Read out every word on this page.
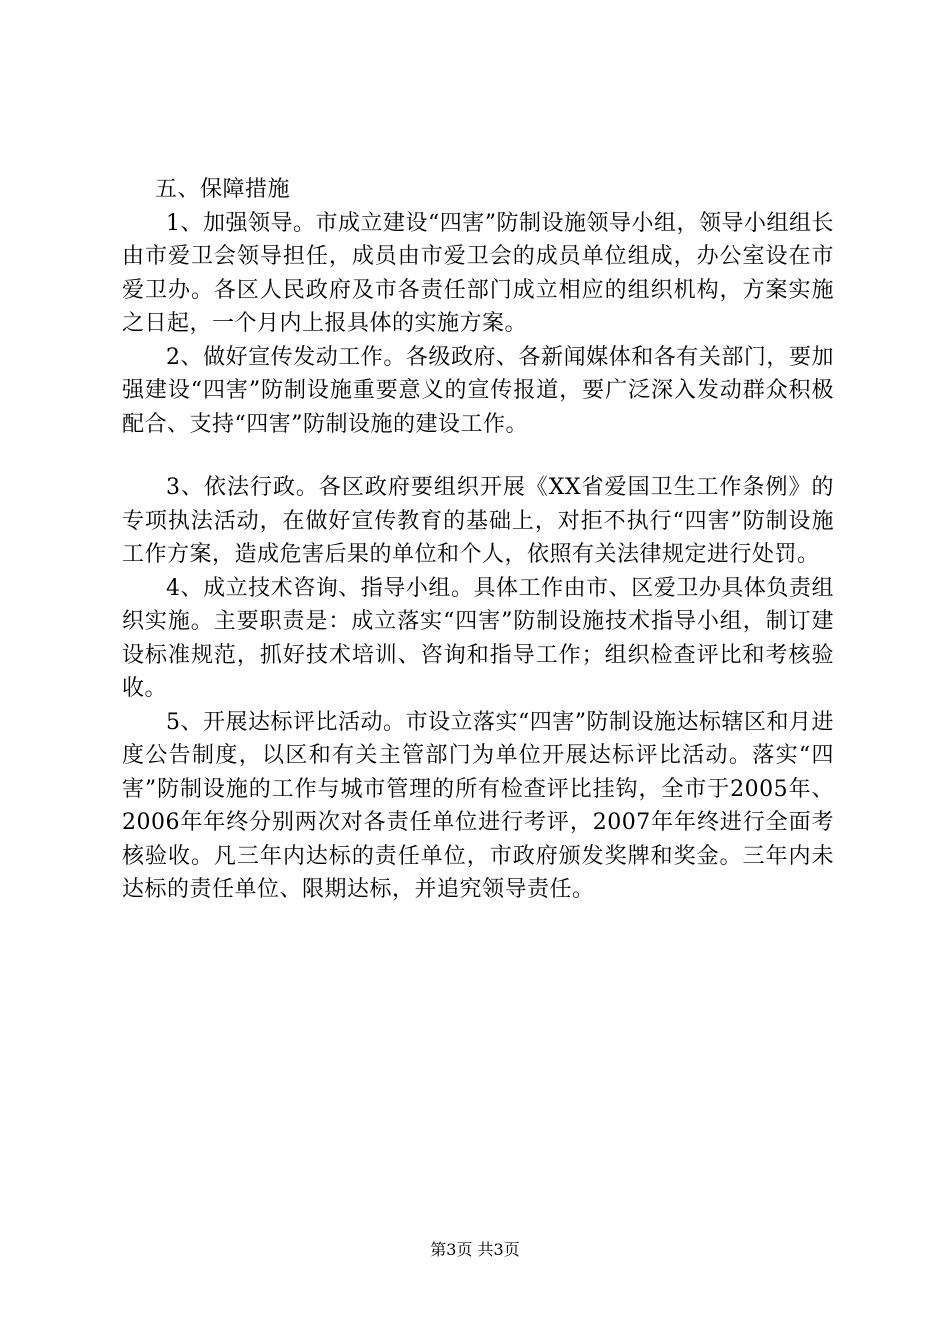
五、保障措施

1、加强领导。市成立建设“四害”防制设施领导小组，领导小组组长由市爱卫会领导担任，成员由市爱卫会的成员单位组成，办公室设在市爱卫办。各区人民政府及市各责任部门成立相应的组织机构，方案实施之日起，一个月内上报具体的实施方案。

2、做好宣传发动工作。各级政府、各新闻媒体和各有关部门，要加强建设“四害”防制设施重要意义的宣传报道，要广泛深入发动群众积极配合、支持“四害”防制设施的建设工作。

3、依法行政。各区政府要组织开展《XX省爱国卫生工作条例》的专项执法活动，在做好宣传教育的基础上，对拒不执行“四害”防制设施工作方案，造成危害后果的单位和个人，依照有关法律规定进行处罚。

4、成立技术咨询、指导小组。具体工作由市、区爱卫办具体负责组织实施。主要职责是：成立落实“四害”防制设施技术指导小组，制订建设标准规范，抓好技术培训、咨询和指导工作；组织检查评比和考核验收。

5、开展达标评比活动。市设立落实“四害”防制设施达标辖区和月进度公告制度，以区和有关主管部门为单位开展达标评比活动。落实“四害”防制设施的工作与城市管理的所有检查评比挂钩，全市于2005年、2006年年终分别两次对各责任单位进行考评，2007年年终进行全面考核验收。凡三年内达标的责任单位，市政府颁发奖牌和奖金。三年内未达标的责任单位、限期达标，并追究领导责任。

第3页 共3页
